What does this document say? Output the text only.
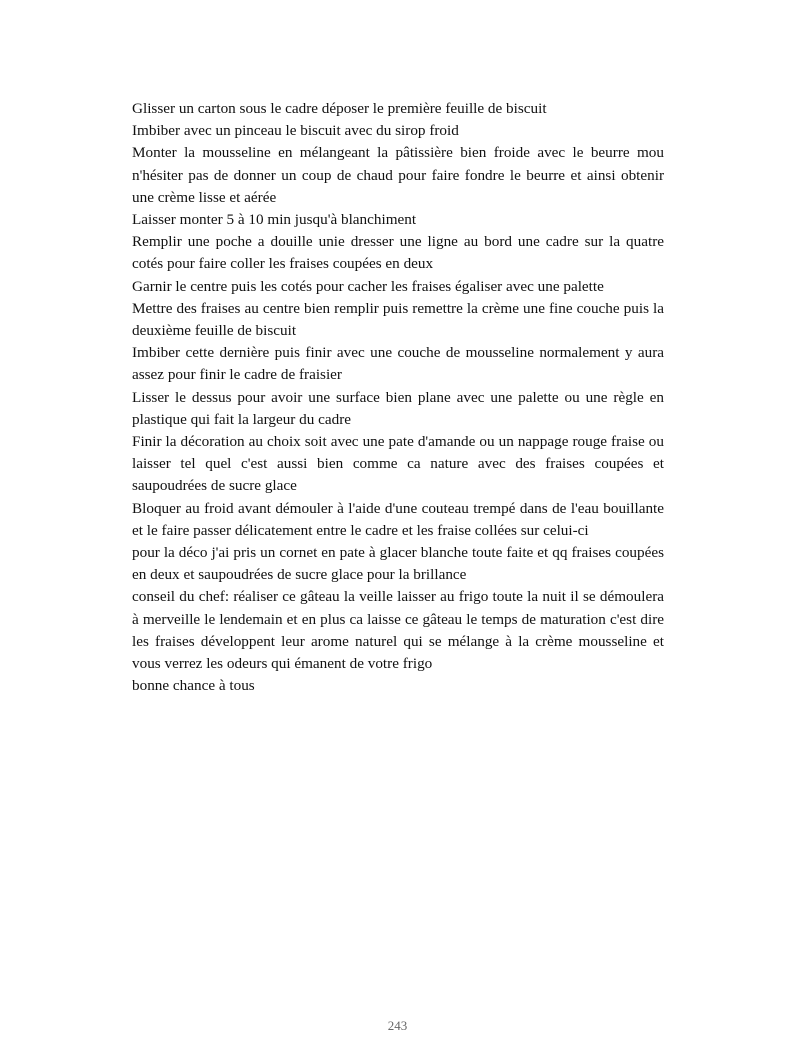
Glisser un carton sous le cadre déposer le première feuille de biscuit

Imbiber avec un pinceau le biscuit avec du sirop froid

Monter la mousseline en mélangeant la pâtissière bien froide avec le beurre mou n'hésiter pas de donner un coup de chaud pour faire fondre le beurre et ainsi obtenir une crème lisse et aérée

Laisser monter 5 à 10 min jusqu'à blanchiment

Remplir une poche a douille unie dresser une ligne au bord une cadre sur la quatre cotés pour faire coller les fraises coupées en deux

Garnir le centre puis les cotés pour cacher les fraises égaliser avec une palette

Mettre des fraises au centre bien remplir puis remettre la crème une fine couche puis la deuxième feuille de biscuit

Imbiber cette dernière puis finir avec une couche de mousseline normalement y aura assez pour finir le cadre de fraisier

Lisser le dessus pour avoir une surface bien plane avec une palette ou une règle en plastique qui fait la largeur du cadre

Finir la décoration au choix soit avec une pate d'amande ou un nappage rouge fraise ou laisser tel quel c'est aussi bien comme ca nature avec des fraises coupées et saupoudrées de sucre glace

Bloquer au froid avant démouler à l'aide d'une couteau trempé dans de l'eau bouillante et le faire passer délicatement entre le cadre et les fraise collées sur celui-ci

pour la déco j'ai pris un cornet en pate à glacer blanche toute faite et qq fraises coupées en deux et saupoudrées de sucre glace pour la brillance

conseil du chef: réaliser ce gâteau la veille laisser au frigo toute la nuit il se démoulera à merveille le lendemain et en plus ca laisse ce gâteau le temps de maturation c'est dire les fraises développent leur arome naturel qui se mélange à la crème mousseline et vous verrez les odeurs qui émanent de votre frigo

bonne chance à tous

243
